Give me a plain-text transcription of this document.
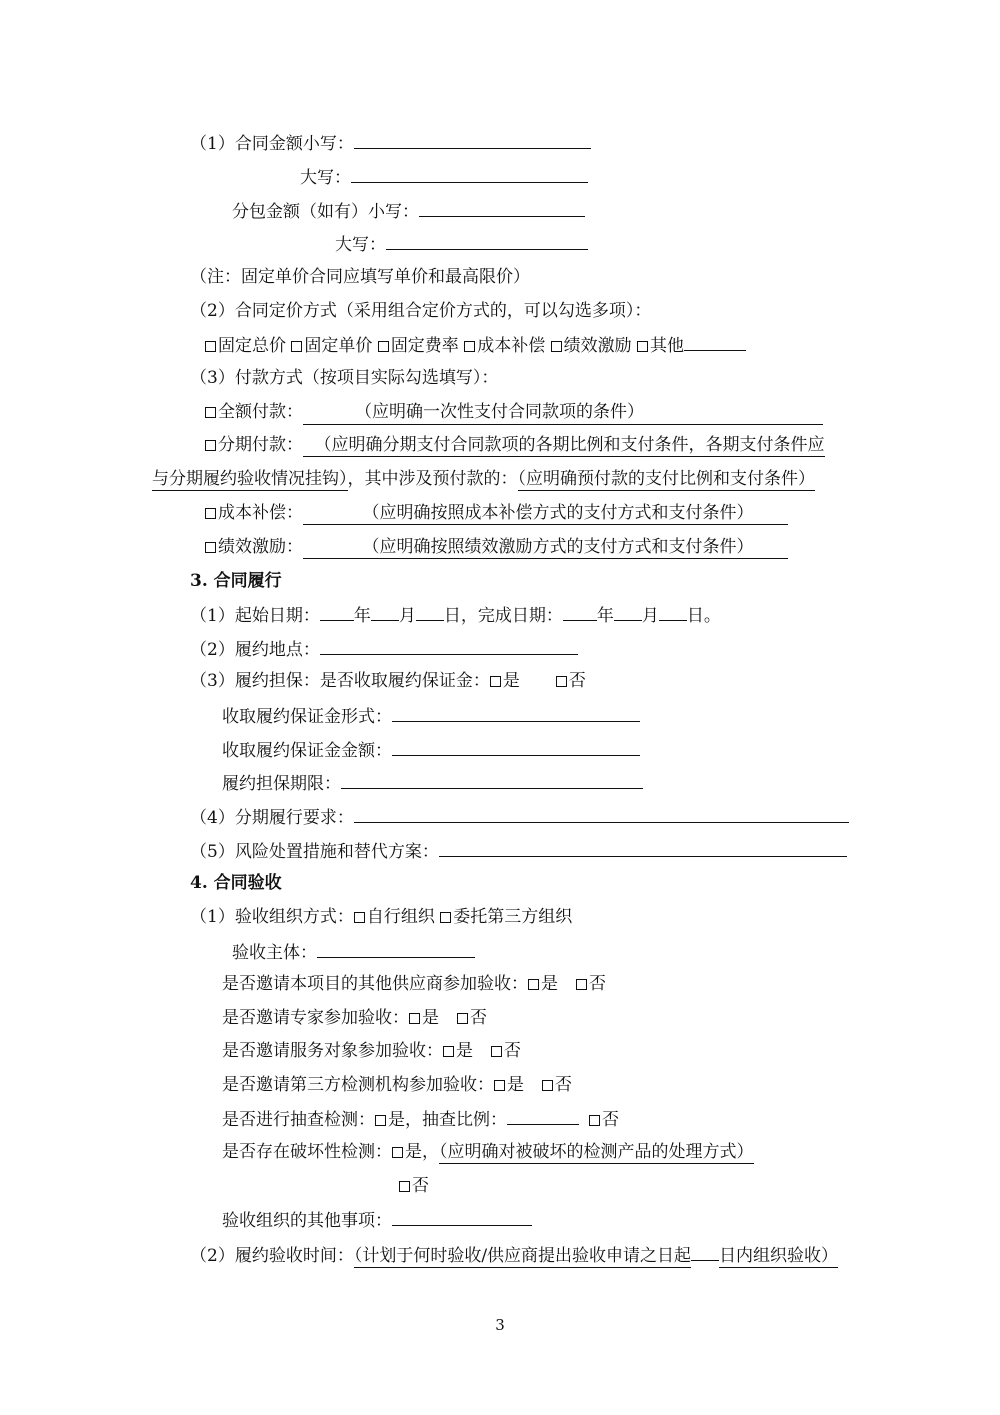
（1）合同金额小写：
大写：
分包金额（如有）小写：
大写：
（注：固定单价合同应填写单价和最高限价）
（2）合同定价方式（采用组合定价方式的，可以勾选多项）：
固定总价 固定单价 固定费率 成本补偿 绩效激励 其他
（3）付款方式（按项目实际勾选填写）：
全额付款：	（应明确一次性支付合同款项的条件）
分期付款： （应明确分期支付合同款项的各期比例和支付条件，各期支付条件应
与分期履约验收情况挂钩），其中涉及预付款的：（应明确预付款的支付比例和支付条件）
成本补偿：	（应明确按照成本补偿方式的支付方式和支付条件）
绩效激励：	（应明确按照绩效激励方式的支付方式和支付条件）
3. 合同履行
（1）起始日期： 年 月 日，完成日期： 年 月 日。
（2）履约地点：
（3）履约担保：是否收取履约保证金： 是	否
收取履约保证金形式：
收取履约保证金金额：
履约担保期限：
（4）分期履行要求：
（5）风险处置措施和替代方案：
4. 合同验收
（1）验收组织方式： 自行组织 委托第三方组织
验收主体：
是否邀请本项目的其他供应商参加验收： 是 否
是否邀请专家参加验收： 是 否
是否邀请服务对象参加验收： 是 否
是否邀请第三方检测机构参加验收： 是 否
是否进行抽查检测： 是，抽查比例：	否
是否存在破坏性检测： 是，（应明确对被破坏的检测产品的处理方式）
否
验收组织的其他事项：
（2）履约验收时间：（计划于何时验收/供应商提出验收申请之日起 日内组织验收）
3
